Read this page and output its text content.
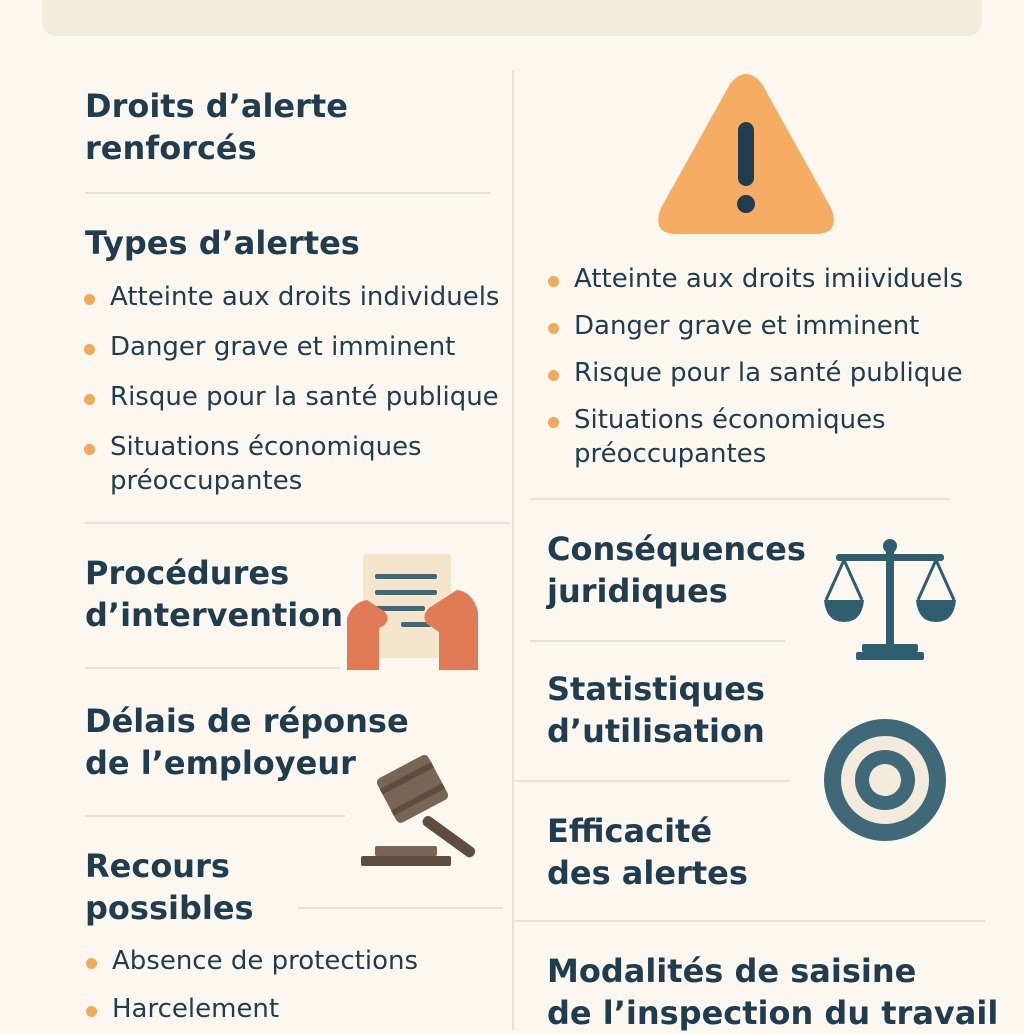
Droits d’alerte
renforcés
Types d’alertes
Atteinte aux droits individuels
Danger grave et imminent
Risque pour la santé publique
Situations économiques
préoccupantes
Procédures
d’intervention
Délais de réponse
de l’employeur
Recours
possibles
Absence de protections
Harcelement
Atteinte aux droits imiividuels
Danger grave et imminent
Risque pour la santé publique
Situations économiques
préoccupantes
Conséquences
juridiques
Statistiques
d’utilisation
Efficacité
des alertes
Modalités de saisine
de l’inspection du travail
